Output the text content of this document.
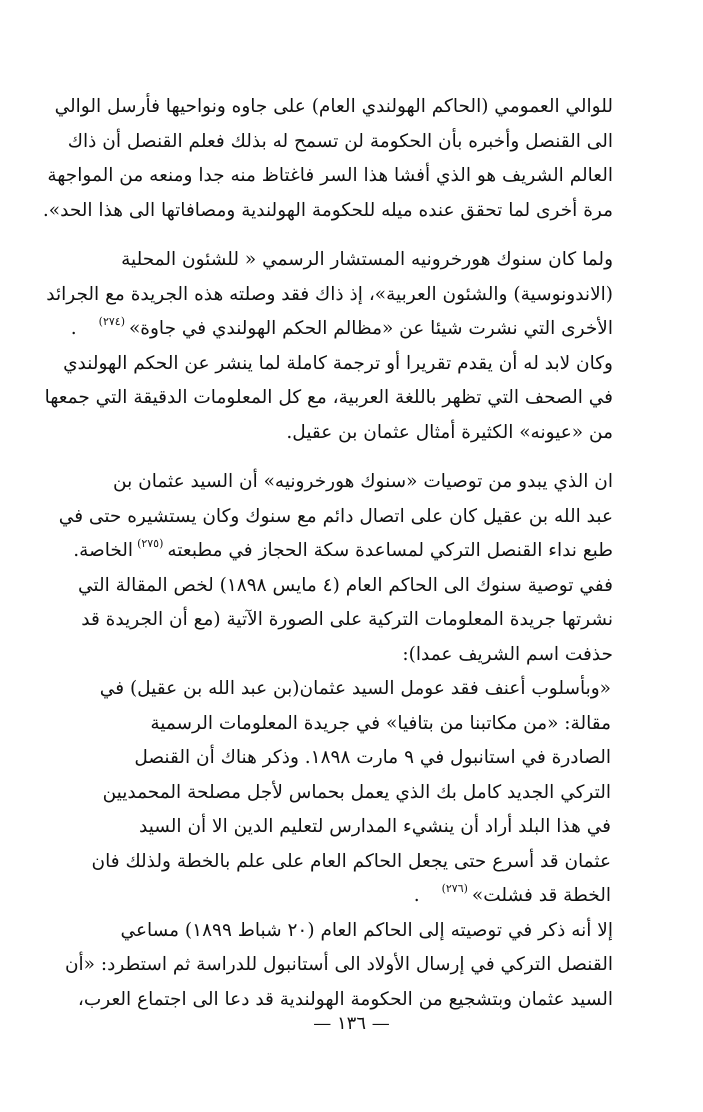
للوالي العمومي (الحاكم الهولندي العام) على جاوه ونواحيها فأرسل الوالي
الى القنصل وأخبره بأن الحكومة لن تسمح له بذلك فعلم القنصل أن ذاك
العالم الشريف هو الذي أفشا هذا السر فاغتاظ منه جدا ومنعه من المواجهة
مرة أخرى لما تحقق عنده ميله للحكومة الهولندية ومصافاتها الى هذا الحد».

ولما كان سنوك هورخرونيه المستشار الرسمي « للشئون المحلية
(الاندونوسية) والشئون العربية»، إذ ذاك فقد وصلته هذه الجريدة مع الجرائد
الأخرى التي نشرت شيئا عن «مظالم الحكم الهولندي في جاوة»(٢٧٤).
وكان لابد له أن يقدم تقريرا أو ترجمة كاملة لما ينشر عن الحكم الهولندي
في الصحف التي تظهر باللغة العربية، مع كل المعلومات الدقيقة التي جمعها
من «عيونه» الكثيرة أمثال عثمان بن عقيل.

ان الذي يبدو من توصيات «سنوك هورخرونيه» أن السيد عثمان بن
عبد الله بن عقيل كان على اتصال دائم مع سنوك وكان يستشيره حتى في
طبع نداء القنصل التركي لمساعدة سكة الحجاز في مطبعته(٢٧٥)الخاصة.
ففي توصية سنوك الى الحاكم العام (٤ مايس ١٨٩٨) لخص المقالة التي
نشرتها جريدة المعلومات التركية على الصورة الآتية (مع أن الجريدة قد
حذفت اسم الشريف عمدا):

«وبأسلوب أعنف فقد عومل السيد عثمان(بن عبد الله بن عقيل) في
مقالة: «من مكاتبنا من بتافيا» في جريدة المعلومات الرسمية
الصادرة في استانبول في ٩ مارت ١٨٩٨. وذكر هناك أن القنصل
التركي الجديد كامل بك الذي يعمل بحماس لأجل مصلحة المحمديين
في هذا البلد أراد أن ينشيء المدارس لتعليم الدين الا أن السيد
عثمان قد أسرع حتى يجعل الحاكم العام على علم بالخطة ولذلك فان
الخطة قد فشلت»(٢٧٦).

إلا أنه ذكر في توصيته إلى الحاكم العام (٢٠ شباط ١٨٩٩) مساعي
القنصل التركي في إرسال الأولاد الى أستانبول للدراسة ثم استطرد: «أن
السيد عثمان وبتشجيع من الحكومة الهولندية قد دعا الى اجتماع العرب،

— ١٣٦ —
